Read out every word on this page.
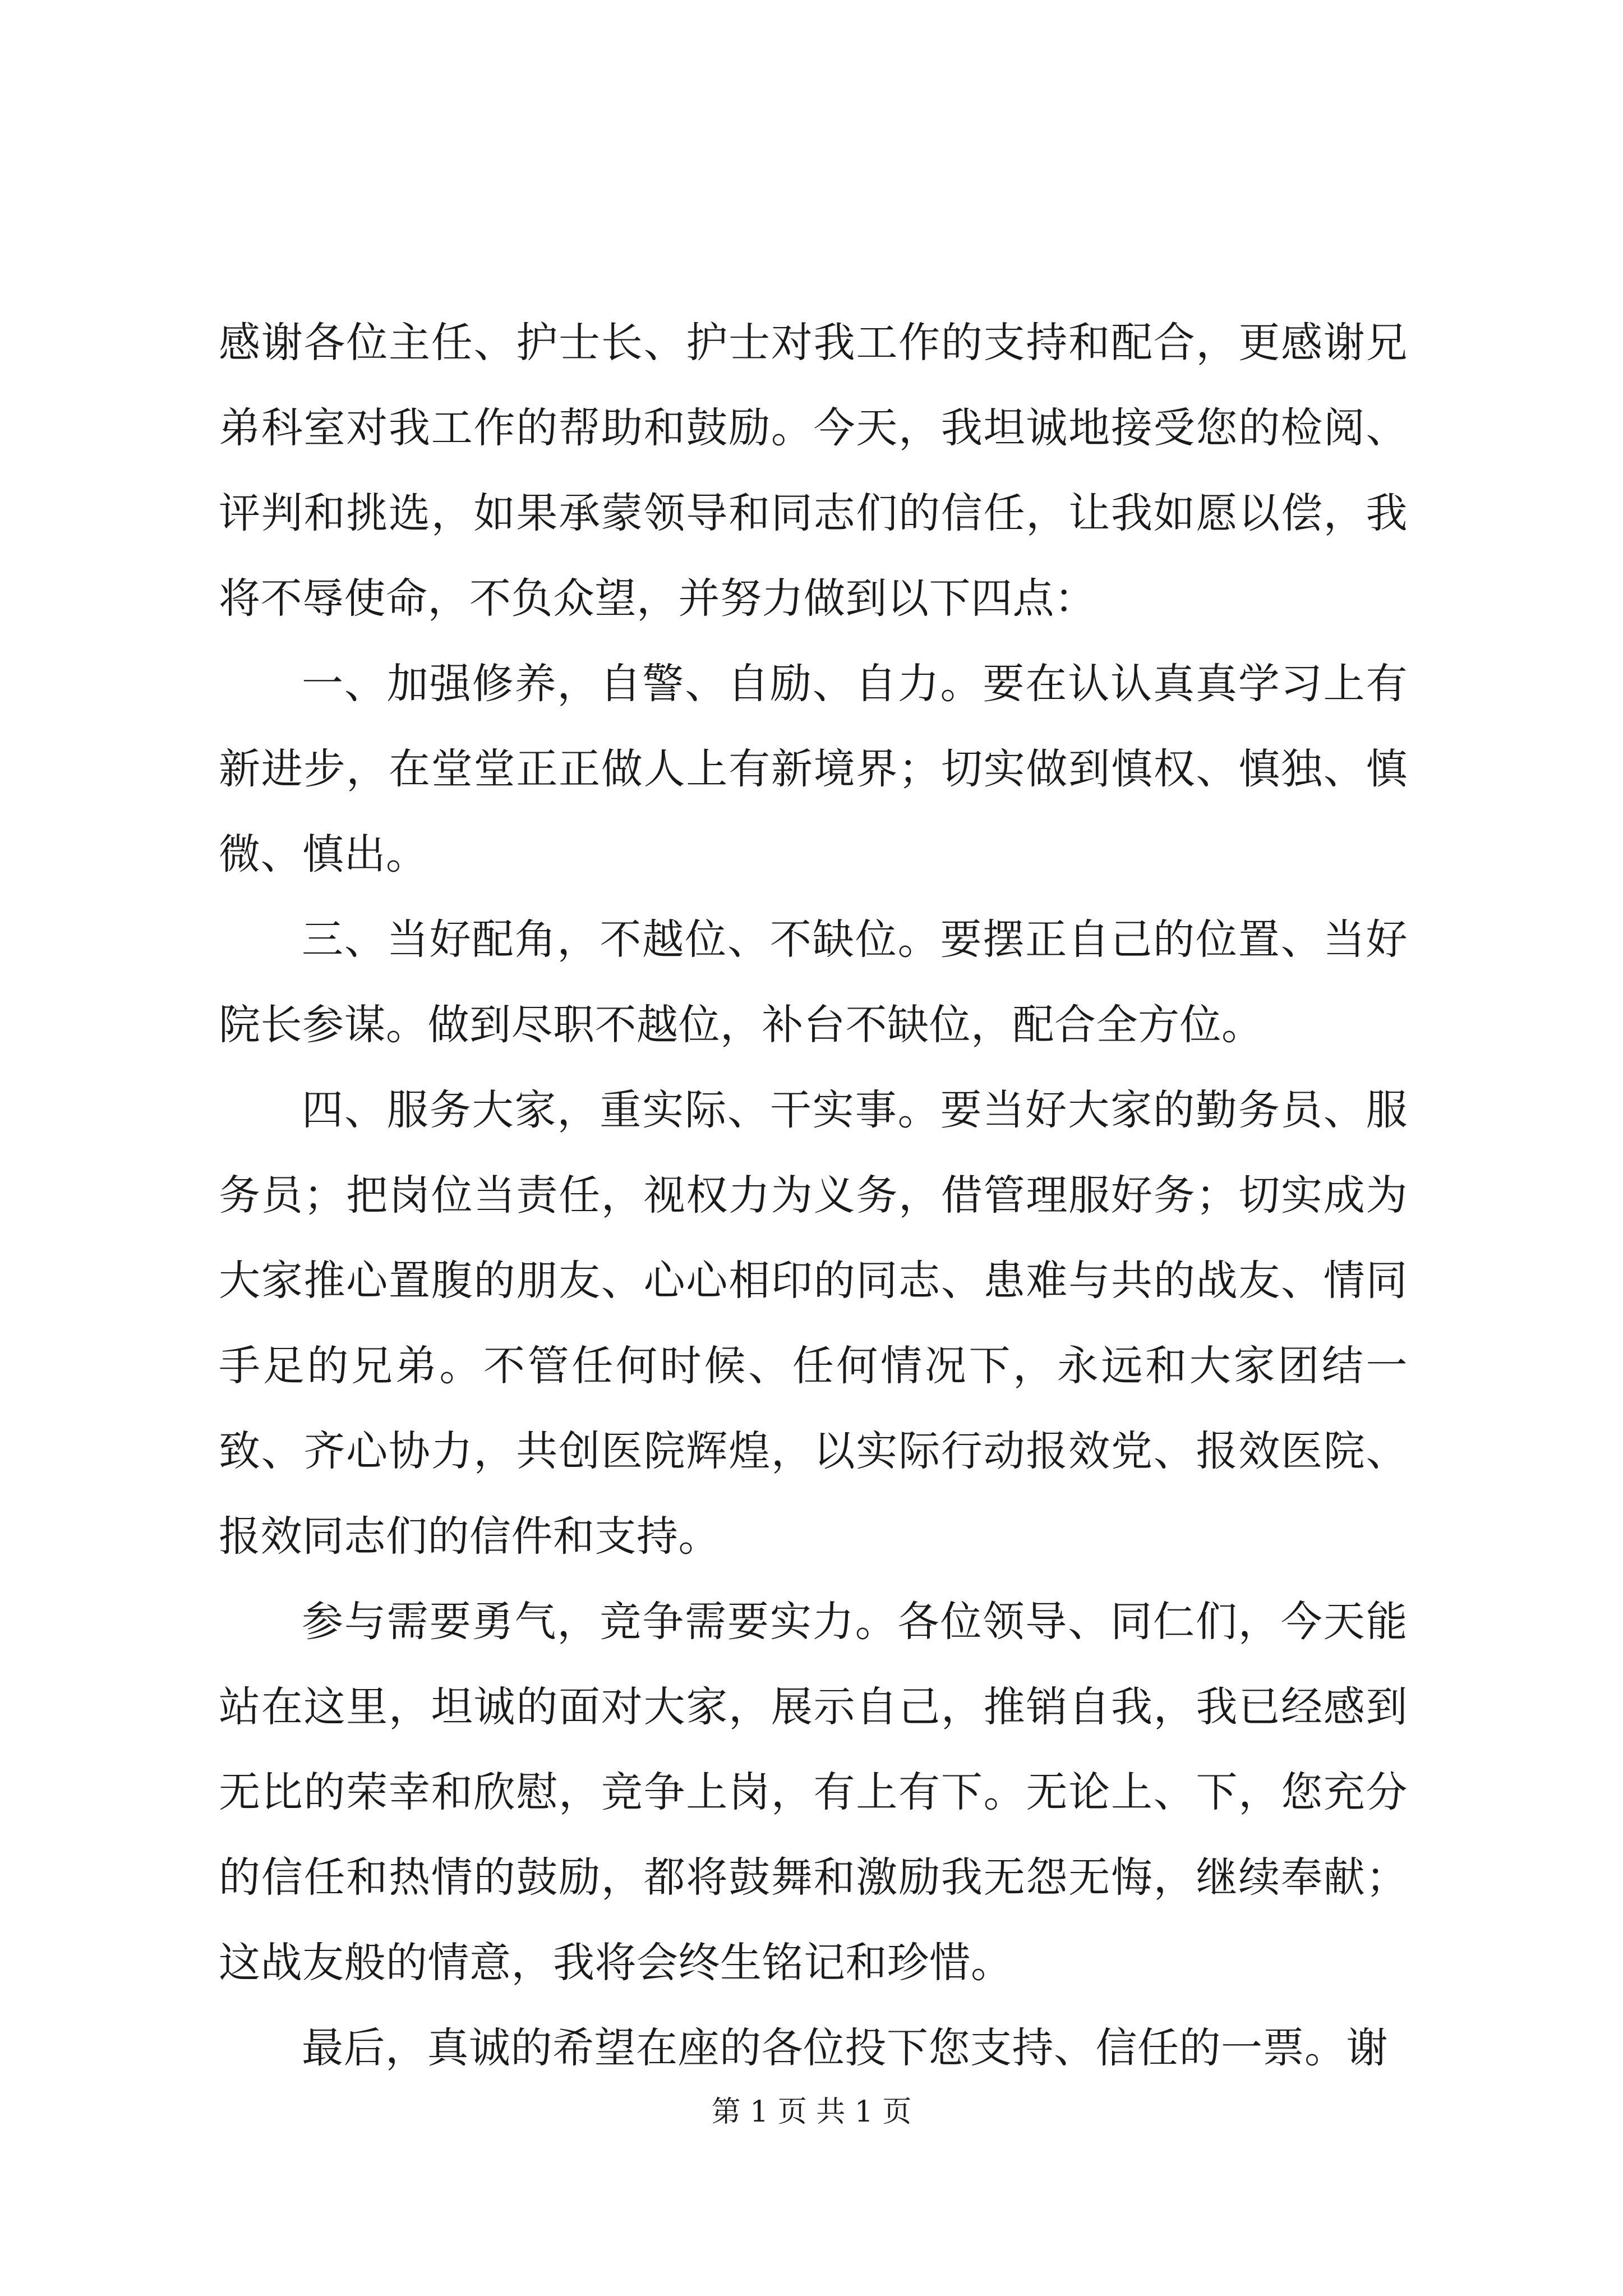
感谢各位主任、护士长、护士对我工作的支持和配合，更感谢兄弟科室对我工作的帮助和鼓励。今天，我坦诚地接受您的检阅、评判和挑选，如果承蒙领导和同志们的信任，让我如愿以偿，我将不辱使命，不负众望，并努力做到以下四点：

一、加强修养，自警、自励、自力。要在认认真真学习上有新进步，在堂堂正正做人上有新境界；切实做到慎权、慎独、慎微、慎出。

三、当好配角，不越位、不缺位。要摆正自己的位置、当好院长参谋。做到尽职不越位，补台不缺位，配合全方位。

四、服务大家，重实际、干实事。要当好大家的勤务员、服务员；把岗位当责任，视权力为义务，借管理服好务；切实成为大家推心置腹的朋友、心心相印的同志、患难与共的战友、情同手足的兄弟。不管任何时候、任何情况下，永远和大家团结一致、齐心协力，共创医院辉煌，以实际行动报效党、报效医院、报效同志们的信件和支持。

参与需要勇气，竞争需要实力。各位领导、同仁们，今天能站在这里，坦诚的面对大家，展示自己，推销自我，我已经感到无比的荣幸和欣慰，竞争上岗，有上有下。无论上、下，您充分的信任和热情的鼓励，都将鼓舞和激励我无怨无悔，继续奉献；这战友般的情意，我将会终生铭记和珍惜。

最后，真诚的希望在座的各位投下您支持、信任的一票。谢

第 1 页 共 1 页
